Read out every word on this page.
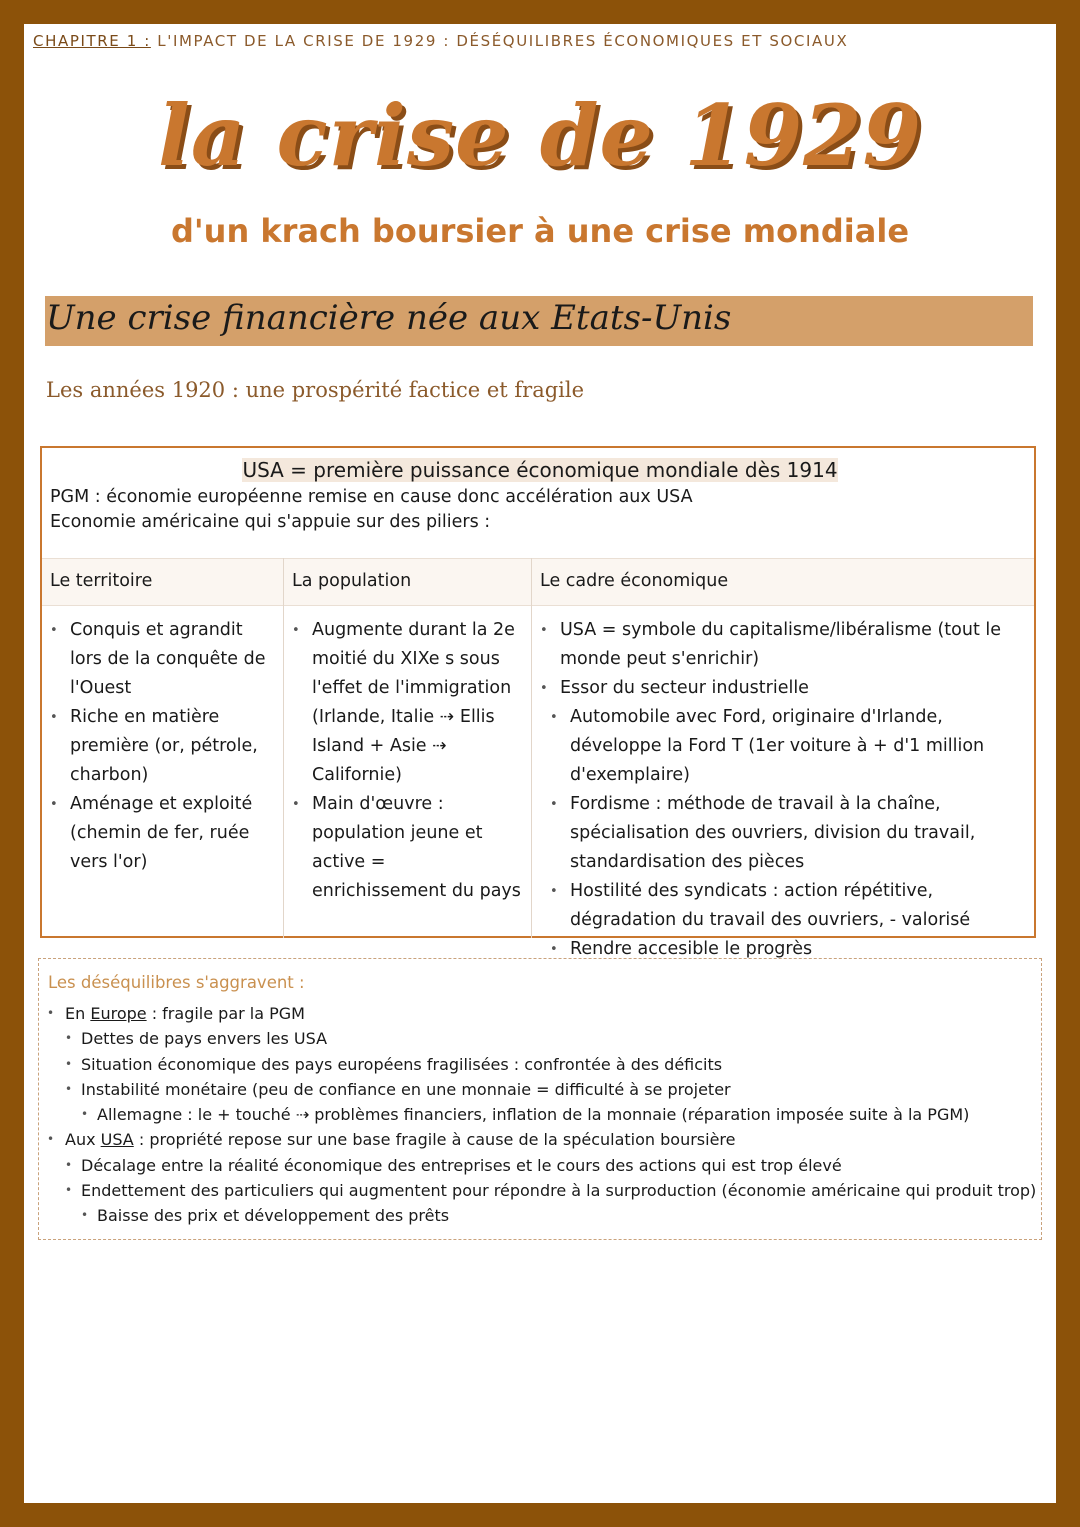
CHAPITRE 1 : L'IMPACT DE LA CRISE DE 1929 : DÉSÉQUILIBRES ÉCONOMIQUES ET SOCIAUX
la crise de 1929
d'un krach boursier à une crise mondiale
Une crise financière née aux Etats-Unis
Les années 1920 : une prospérité factice et fragile
USA = première puissance économique mondiale dès 1914
PGM : économie européenne remise en cause donc accélération aux USA
Economie américaine qui s'appuie sur des piliers :
Le territoire	La population	Le cadre économique
• Conquis et agrandit lors de la conquête de l'Ouest
• Riche en matière première (or, pétrole, charbon)
• Aménage et exploité (chemin de fer, ruée vers l'or)
• Augmente durant la 2e moitié du XIXe s sous l'effet de l'immigration (Irlande, Italie ⇢ Ellis Island + Asie ⇢ Californie)
• Main d'œuvre : population jeune et active = enrichissement du pays
• USA = symbole du capitalisme/libéralisme (tout le monde peut s'enrichir)
• Essor du secteur industrielle
• Automobile avec Ford, originaire d'Irlande, développe la Ford T (1er voiture à + d'1 million d'exemplaire)
• Fordisme : méthode de travail à la chaîne, spécialisation des ouvriers, division du travail, standardisation des pièces
• Hostilité des syndicats : action répétitive, dégradation du travail des ouvriers, - valorisé
• Rendre accesible le progrès
Les déséquilibres s'aggravent :
• En Europe : fragile par la PGM
• Dettes de pays envers les USA
• Situation économique des pays européens fragilisées : confrontée à des déficits
• Instabilité monétaire (peu de confiance en une monnaie = difficulté à se projeter
• Allemagne : le + touché ⇢ problèmes financiers, inflation de la monnaie (réparation imposée suite à la PGM)
• Aux USA : propriété repose sur une base fragile à cause de la spéculation boursière
• Décalage entre la réalité économique des entreprises et le cours des actions qui est trop élevé
• Endettement des particuliers qui augmentent pour répondre à la surproduction (économie américaine qui produit trop)
• Baisse des prix et développement des prêts
